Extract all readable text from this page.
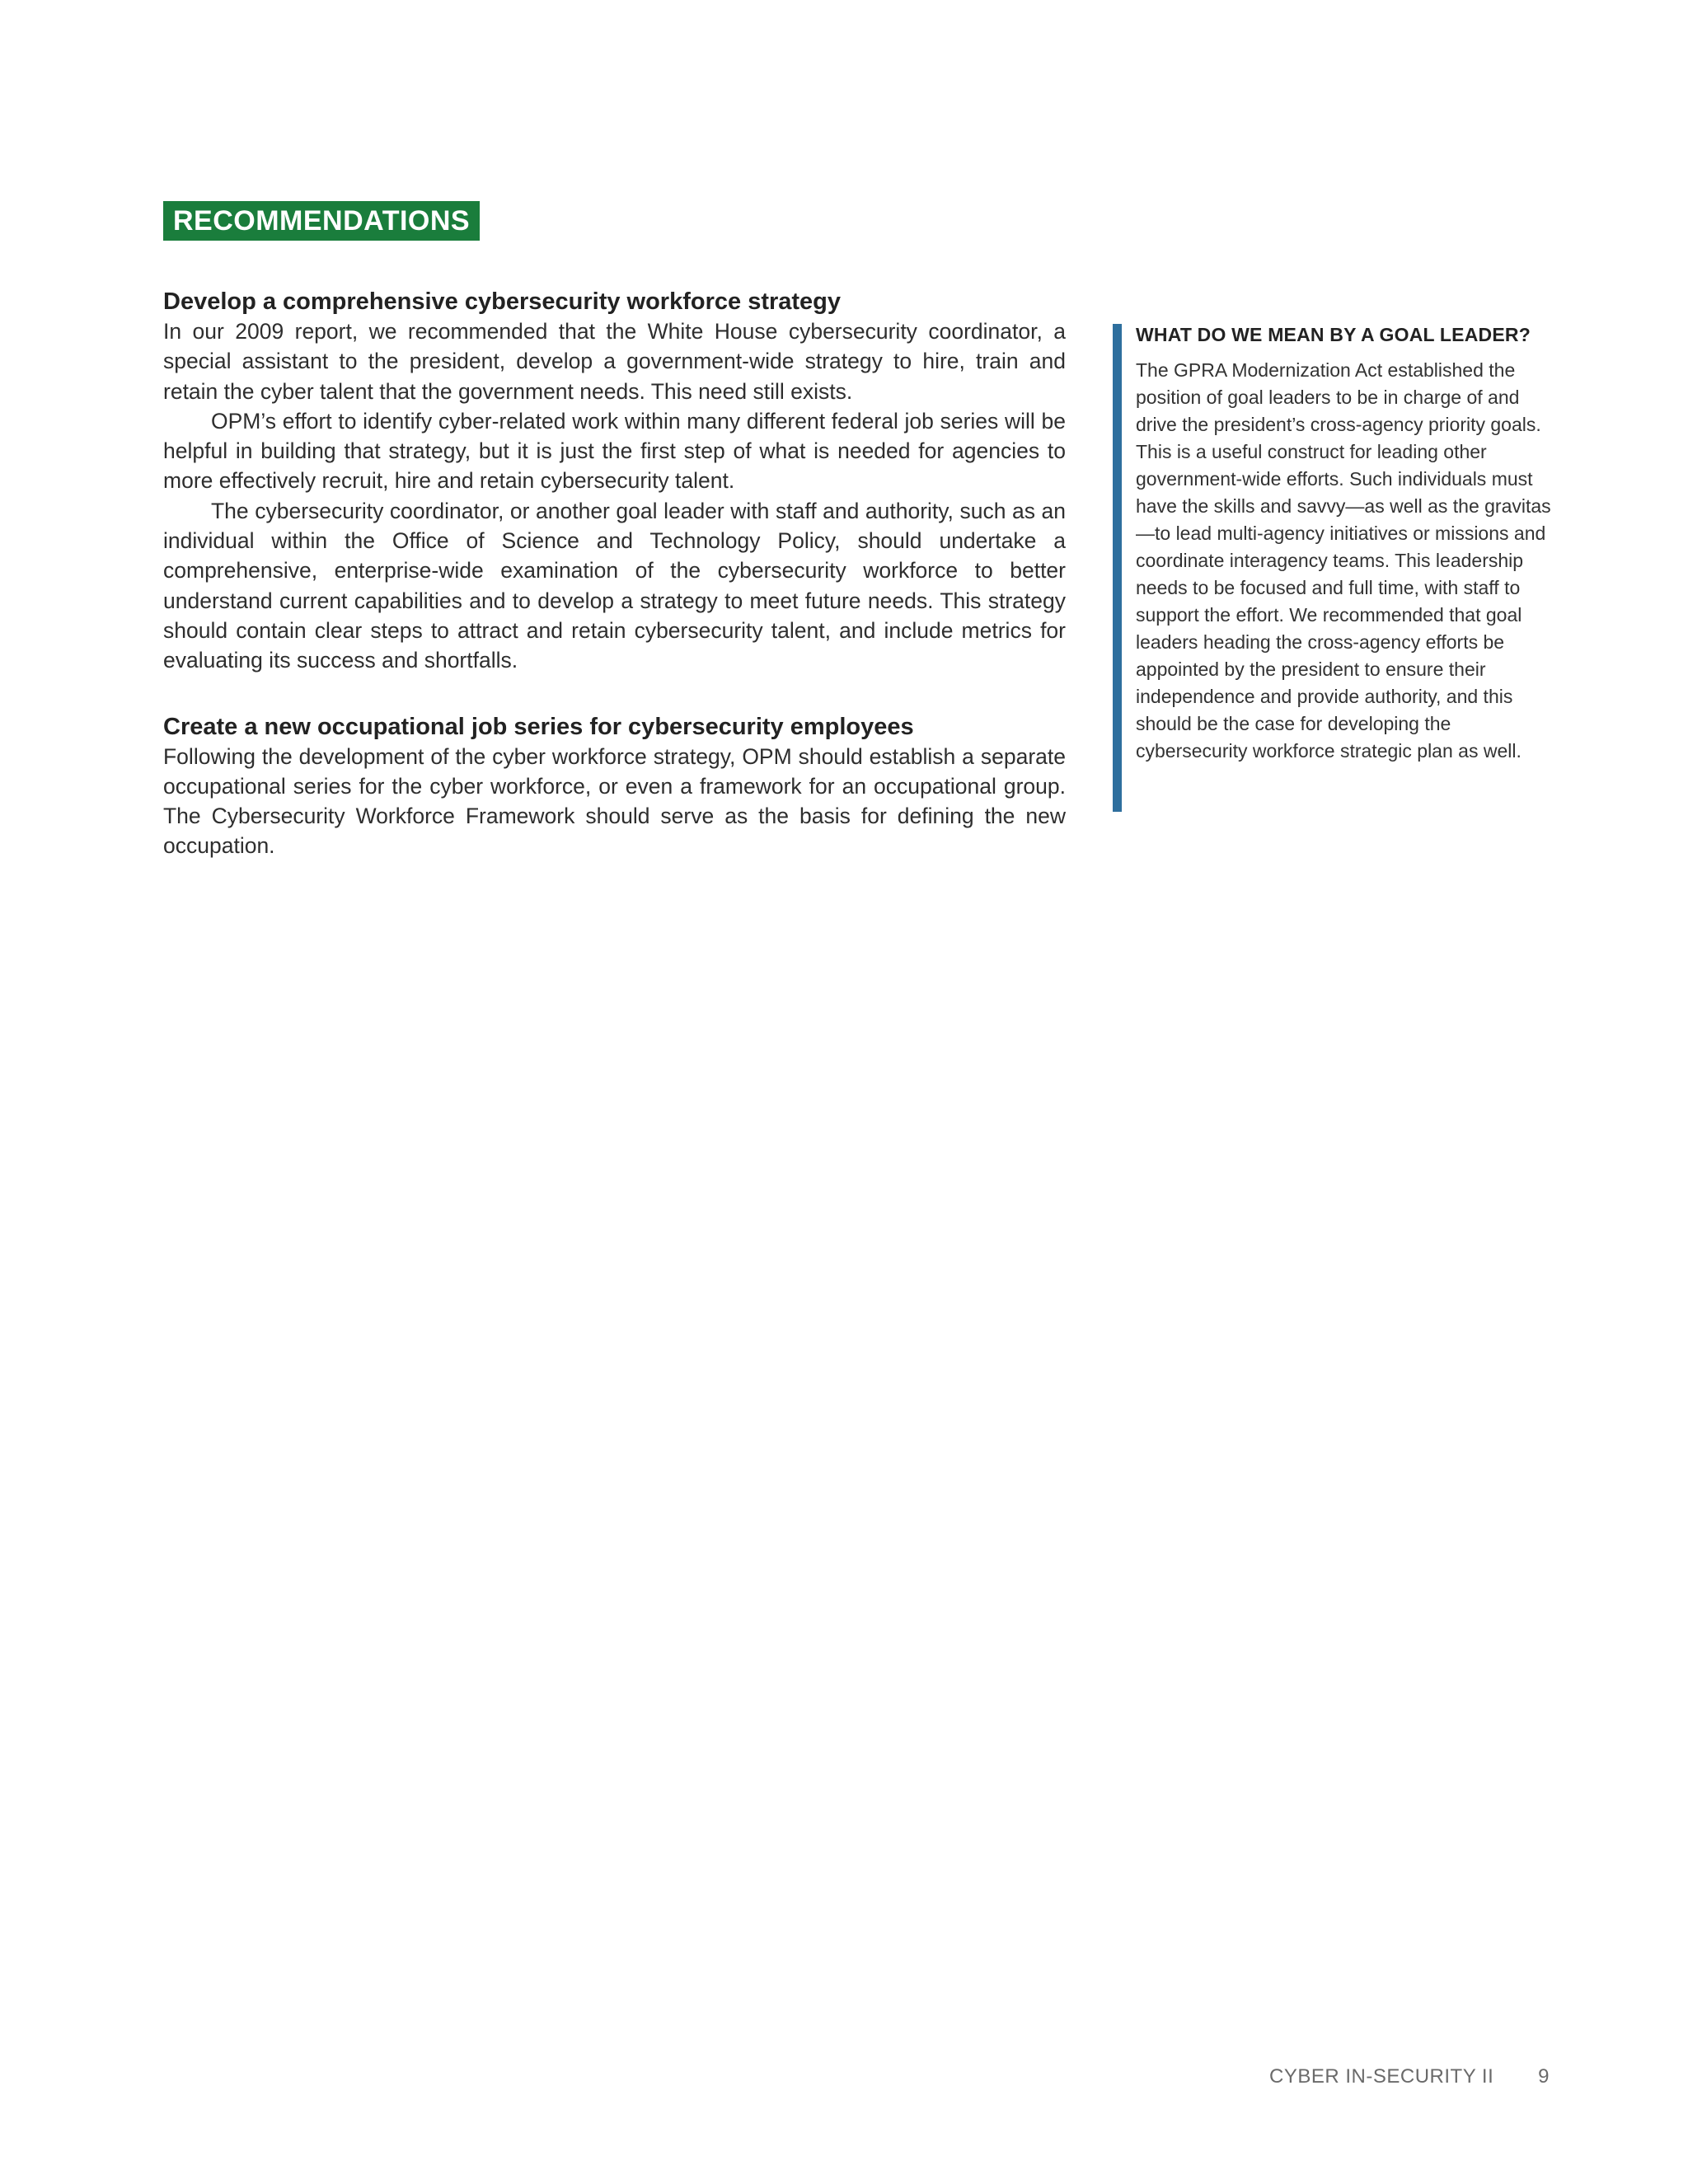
RECOMMENDATIONS
Develop a comprehensive cybersecurity workforce strategy

In our 2009 report, we recommended that the White House cybersecurity coordinator, a special assistant to the president, develop a government-wide strategy to hire, train and retain the cyber talent that the government needs. This need still exists.

OPM’s effort to identify cyber-related work within many different federal job series will be helpful in building that strategy, but it is just the first step of what is needed for agencies to more effectively recruit, hire and retain cybersecurity talent.

The cybersecurity coordinator, or another goal leader with staff and authority, such as an individual within the Office of Science and Technology Policy, should undertake a comprehensive, enterprise-wide examination of the cybersecurity workforce to better understand current capabilities and to develop a strategy to meet future needs. This strategy should contain clear steps to attract and retain cybersecurity talent, and include metrics for evaluating its success and shortfalls.

Create a new occupational job series for cybersecurity employees

Following the development of the cyber workforce strategy, OPM should establish a separate occupational series for the cyber workforce, or even a framework for an occupational group. The Cybersecurity Workforce Framework should serve as the basis for defining the new occupation.

WHAT DO WE MEAN BY A GOAL LEADER?

The GPRA Modernization Act established the position of goal leaders to be in charge of and drive the president’s cross-agency priority goals. This is a useful construct for leading other government-wide efforts. Such individuals must have the skills and savvy—as well as the gravitas—to lead multi-agency initiatives or missions and coordinate interagency teams. This leadership needs to be focused and full time, with staff to support the effort. We recommended that goal leaders heading the cross-agency efforts be appointed by the president to ensure their independence and provide authority, and this should be the case for developing the cybersecurity workforce strategic plan as well.

CYBER IN-SECURITY II 9
